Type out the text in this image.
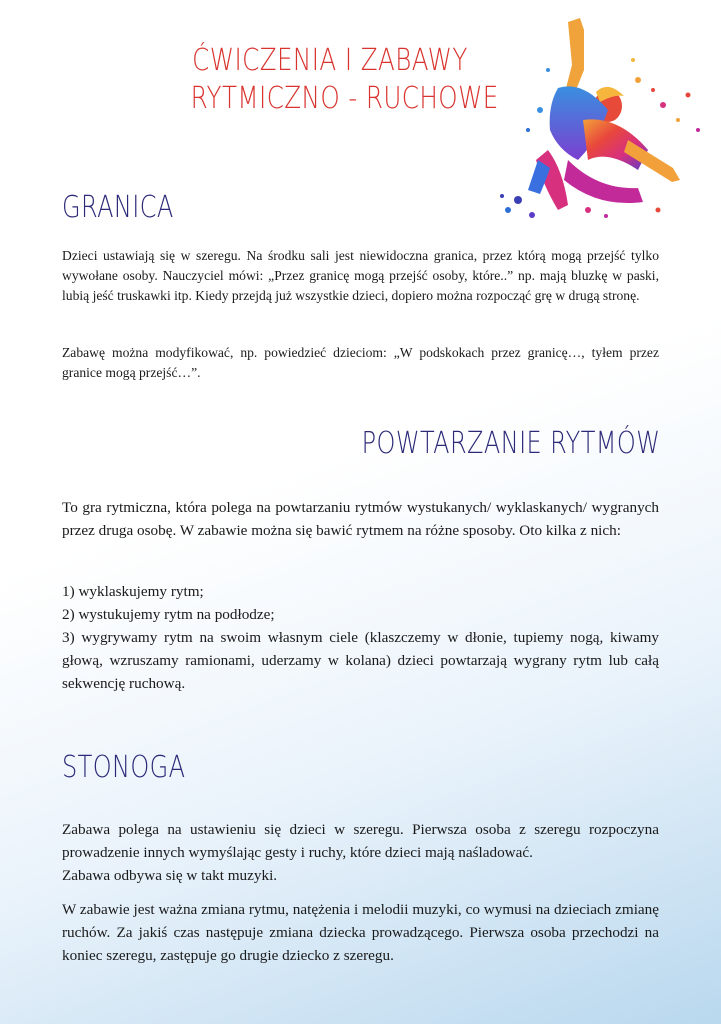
ĆWICZENIA I ZABAWY
RYTMICZNO - RUCHOWE
GRANICA

Dzieci ustawiają się w szeregu. Na środku sali jest niewidoczna granica, przez którą mogą przejść tylko wywołane osoby. Nauczyciel mówi: „Przez granicę mogą przejść osoby, które..” np. mają bluzkę w paski, lubią jeść truskawki itp. Kiedy przejdą już wszystkie dzieci, dopiero można rozpocząć grę w drugą stronę.

Zabawę można modyfikować, np. powiedzieć dzieciom: „W podskokach przez granicę…, tyłem przez granice mogą przejść…”.

POWTARZANIE RYTMÓW

To gra rytmiczna, która polega na powtarzaniu rytmów wystukanych/ wyklaskanych/ wygranych przez druga osobę. W zabawie można się bawić rytmem na różne sposoby. Oto kilka z nich:

1) wyklaskujemy rytm;
2) wystukujemy rytm na podłodze;
3) wygrywamy rytm na swoim własnym ciele (klaszczemy w dłonie, tupiemy nogą, kiwamy głową, wzruszamy ramionami, uderzamy w kolana) dzieci powtarzają wygrany rytm lub całą sekwencję ruchową.
STONOGA
Zabawa polega na ustawieniu się dzieci w szeregu. Pierwsza osoba z szeregu rozpoczyna prowadzenie innych wymyślając gesty i ruchy, które dzieci mają naśladować.
Zabawa odbywa się w takt muzyki.

W zabawie jest ważna zmiana rytmu, natężenia i melodii muzyki, co wymusi na dzieciach zmianę ruchów. Za jakiś czas następuje zmiana dziecka prowadzącego. Pierwsza osoba przechodzi na koniec szeregu, zastępuje go drugie dziecko z szeregu.
